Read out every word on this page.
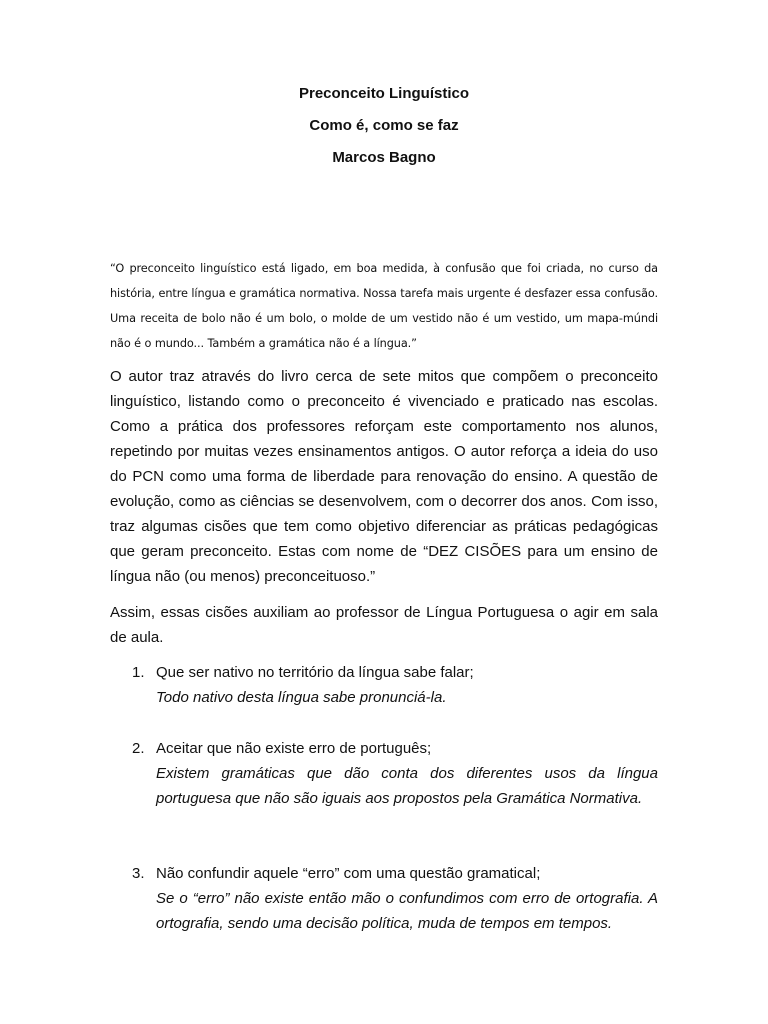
Preconceito Linguístico
Como é, como se faz
Marcos Bagno
“O preconceito linguístico está ligado, em boa medida, à confusão que foi criada, no curso da história, entre língua e gramática normativa. Nossa tarefa mais urgente é desfazer essa confusão. Uma receita de bolo não é um bolo, o molde de um vestido não é um vestido, um mapa-múndi não é o mundo... Também a gramática não é a língua.”
O autor traz através do livro cerca de sete mitos que compõem o preconceito linguístico, listando como o preconceito é vivenciado e praticado nas escolas. Como a prática dos professores reforçam este comportamento nos alunos, repetindo por muitas vezes ensinamentos antigos. O autor reforça a ideia do uso do PCN como uma forma de liberdade para renovação do ensino. A questão de evolução, como as ciências se desenvolvem, com o decorrer dos anos. Com isso, traz algumas cisões que tem como objetivo diferenciar as práticas pedagógicas que geram preconceito. Estas com nome de “DEZ CISÕES para um ensino de língua não (ou menos) preconceituoso.”
Assim, essas cisões auxiliam ao professor de Língua Portuguesa o agir em sala de aula.
1. Que ser nativo no território da língua sabe falar;
Todo nativo desta língua sabe pronunciá-la.
2. Aceitar que não existe erro de português;
Existem gramáticas que dão conta dos diferentes usos da língua portuguesa que não são iguais aos propostos pela Gramática Normativa.
3. Não confundir aquele “erro” com uma questão gramatical;
Se o “erro” não existe então mão o confundimos com erro de ortografia. A ortografia, sendo uma decisão política, muda de tempos em tempos.
